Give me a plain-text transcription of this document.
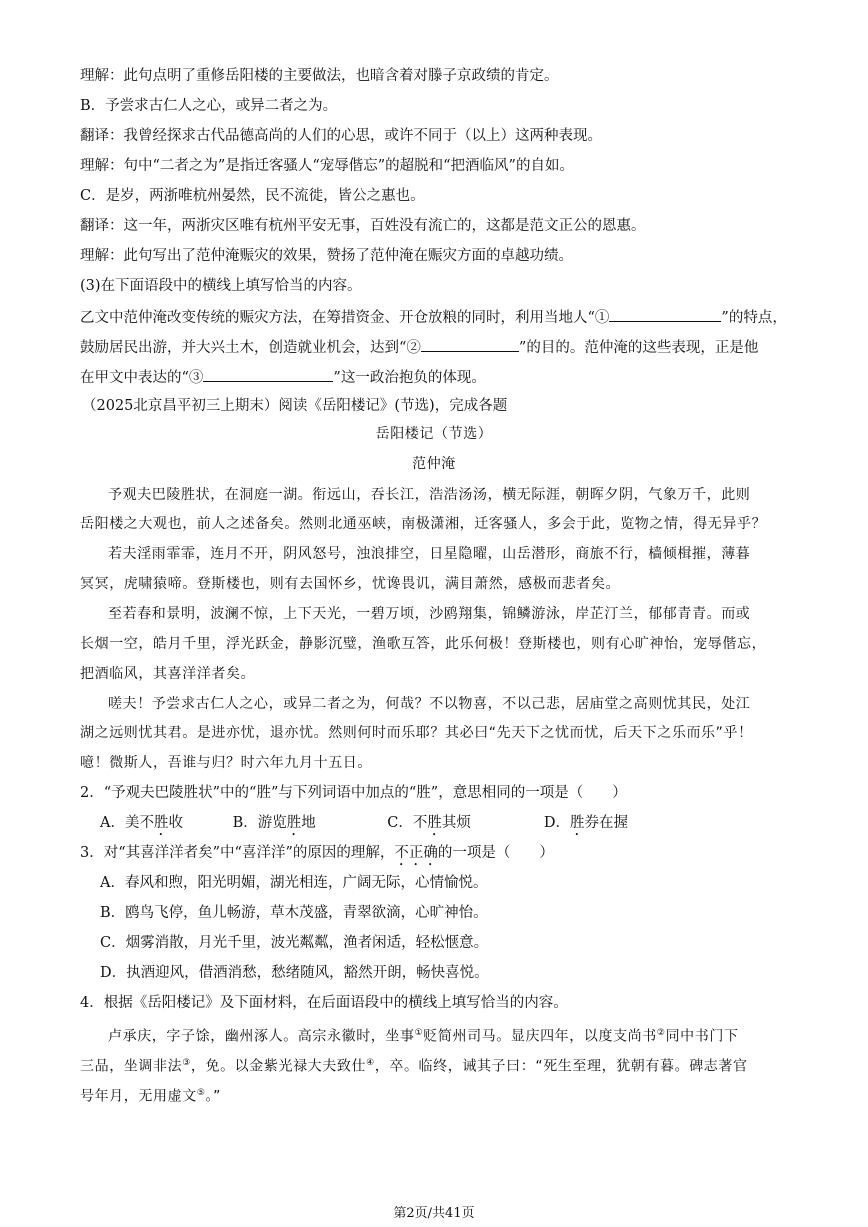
理解：此句点明了重修岳阳楼的主要做法，也暗含着对滕子京政绩的肯定。
B．予尝求古仁人之心，或异二者之为。
翻译：我曾经探求古代品德高尚的人们的心思，或许不同于（以上）这两种表现。
理解：句中“二者之为”是指迁客骚人“宠辱偕忘”的超脱和“把酒临风”的自如。
C．是岁，两浙唯杭州晏然，民不流徙，皆公之惠也。
翻译：这一年，两浙灾区唯有杭州平安无事，百姓没有流亡的，这都是范文正公的恩惠。
理解：此句写出了范仲淹赈灾的效果，赞扬了范仲淹在赈灾方面的卓越功绩。
(3)在下面语段中的横线上填写恰当的内容。
乙文中范仲淹改变传统的赈灾方法，在筹措资金、开仓放粮的同时，利用当地人“①	”的特点，
鼓励居民出游，并大兴土木，创造就业机会，达到“②	”的目的。范仲淹的这些表现，正是他
在甲文中表达的“③	”这一政治抱负的体现。
（2025北京昌平初三上期末）阅读《岳阳楼记》(节选)，完成各题
岳阳楼记（节选）
范仲淹
予观夫巴陵胜状，在洞庭一湖。衔远山，吞长江，浩浩汤汤，横无际涯，朝晖夕阴，气象万千，此则
岳阳楼之大观也，前人之述备矣。然则北通巫峡，南极潇湘，迁客骚人，多会于此，览物之情，得无异乎？
若夫淫雨霏霏，连月不开，阴风怒号，浊浪排空，日星隐曜，山岳潜形，商旅不行，樯倾楫摧，薄暮
冥冥，虎啸猿啼。登斯楼也，则有去国怀乡，忧谗畏讥，满目萧然，感极而悲者矣。
至若春和景明，波澜不惊，上下天光，一碧万顷，沙鸥翔集，锦鳞游泳，岸芷汀兰，郁郁青青。而或
长烟一空，皓月千里，浮光跃金，静影沉璧，渔歌互答，此乐何极！登斯楼也，则有心旷神怡，宠辱偕忘，
把酒临风，其喜洋洋者矣。
嗟夫！予尝求古仁人之心，或异二者之为，何哉？不以物喜，不以己悲，居庙堂之高则忧其民，处江
湖之远则忧其君。是进亦忧，退亦忧。然则何时而乐耶？其必曰“先天下之忧而忧，后天下之乐而乐”乎！
噫！微斯人，吾谁与归？时六年九月十五日。
2．“予观夫巴陵胜状”中的“胜”与下列词语中加点的“胜”，意思相同的一项是（　　）
A．美不胜收	B．游览胜地	C．不胜其烦	D．胜券在握
3．对“其喜洋洋者矣”中“喜洋洋”的原因的理解，不正确的一项是（　　）
A．春风和煦，阳光明媚，湖光相连，广阔无际，心情愉悦。
B．鸥鸟飞停，鱼儿畅游，草木茂盛，青翠欲滴，心旷神怡。
C．烟雾消散，月光千里，波光粼粼，渔者闲适，轻松惬意。
D．执酒迎风，借酒消愁，愁绪随风，豁然开朗，畅快喜悦。
4．根据《岳阳楼记》及下面材料，在后面语段中的横线上填写恰当的内容。
卢承庆，字子馀，幽州涿人。高宗永徽时，坐事①贬简州司马。显庆四年，以度支尚书②同中书门下
三品，坐调非法③，免。以金紫光禄大夫致仕④，卒。临终，诫其子曰：“死生至理，犹朝有暮。碑志著官
号年月，无用虚文⑤。”
第2页/共41页
